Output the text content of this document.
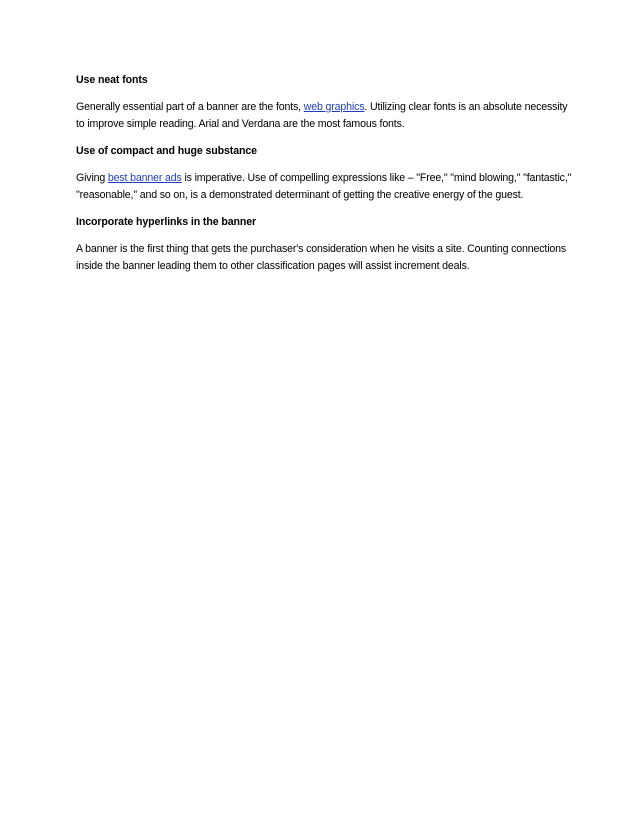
Use neat fonts

Generally essential part of a banner are the fonts, web graphics. Utilizing clear fonts is an absolute necessity to improve simple reading. Arial and Verdana are the most famous fonts.

Use of compact and huge substance

Giving best banner ads is imperative. Use of compelling expressions like – "Free," "mind blowing," "fantastic," "reasonable," and so on, is a demonstrated determinant of getting the creative energy of the guest.

Incorporate hyperlinks in the banner

A banner is the first thing that gets the purchaser's consideration when he visits a site. Counting connections inside the banner leading them to other classification pages will assist increment deals.
